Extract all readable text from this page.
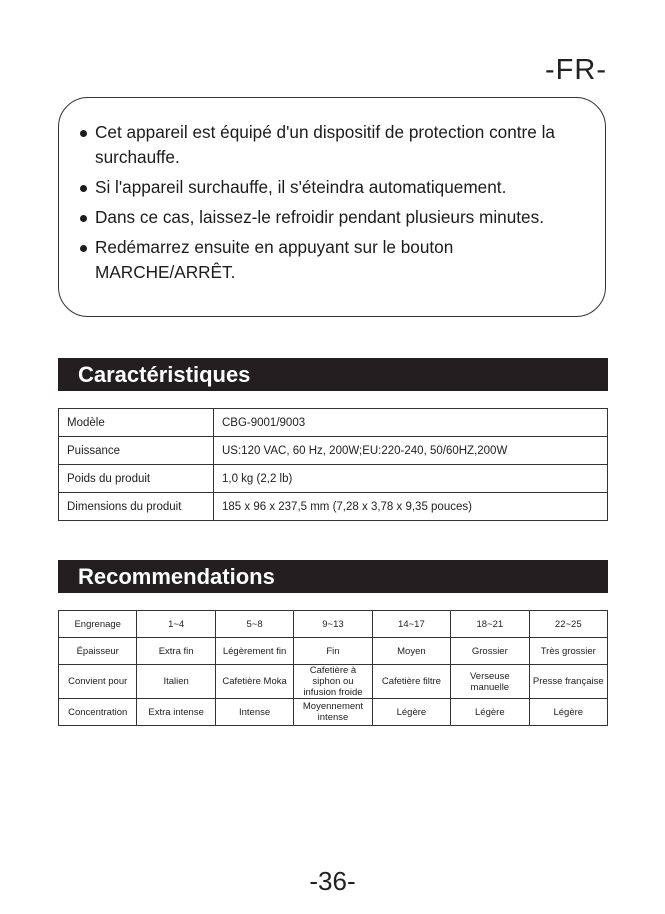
-FR-
Cet appareil est équipé d'un dispositif de protection contre la surchauffe.
Si l'appareil surchauffe, il s'éteindra automatiquement.
Dans ce cas, laissez-le refroidir pendant plusieurs minutes.
Redémarrez ensuite en appuyant sur le bouton MARCHE/ARRÊT.
Caractéristiques
Modèle	CBG-9001/9003
Puissance	US:120 VAC, 60 Hz, 200W;EU:220-240, 50/60HZ,200W
Poids du produit	1,0 kg (2,2 lb)
Dimensions du produit	185 x 96 x 237,5 mm (7,28 x 3,78 x 9,35 pouces)
Recommendations
Engrenage	1~4	5~8	9~13	14~17	18~21	22~25
Épaisseur	Extra fin	Légèrement fin	Fin	Moyen	Grossier	Très grossier
Convient pour	Italien	Cafetière Moka	Cafetière à siphon ou infusion froide	Cafetière filtre	Verseuse manuelle	Presse française
Concentration	Extra intense	Intense	Moyennement intense	Légère	Légère	Légère
-36-
